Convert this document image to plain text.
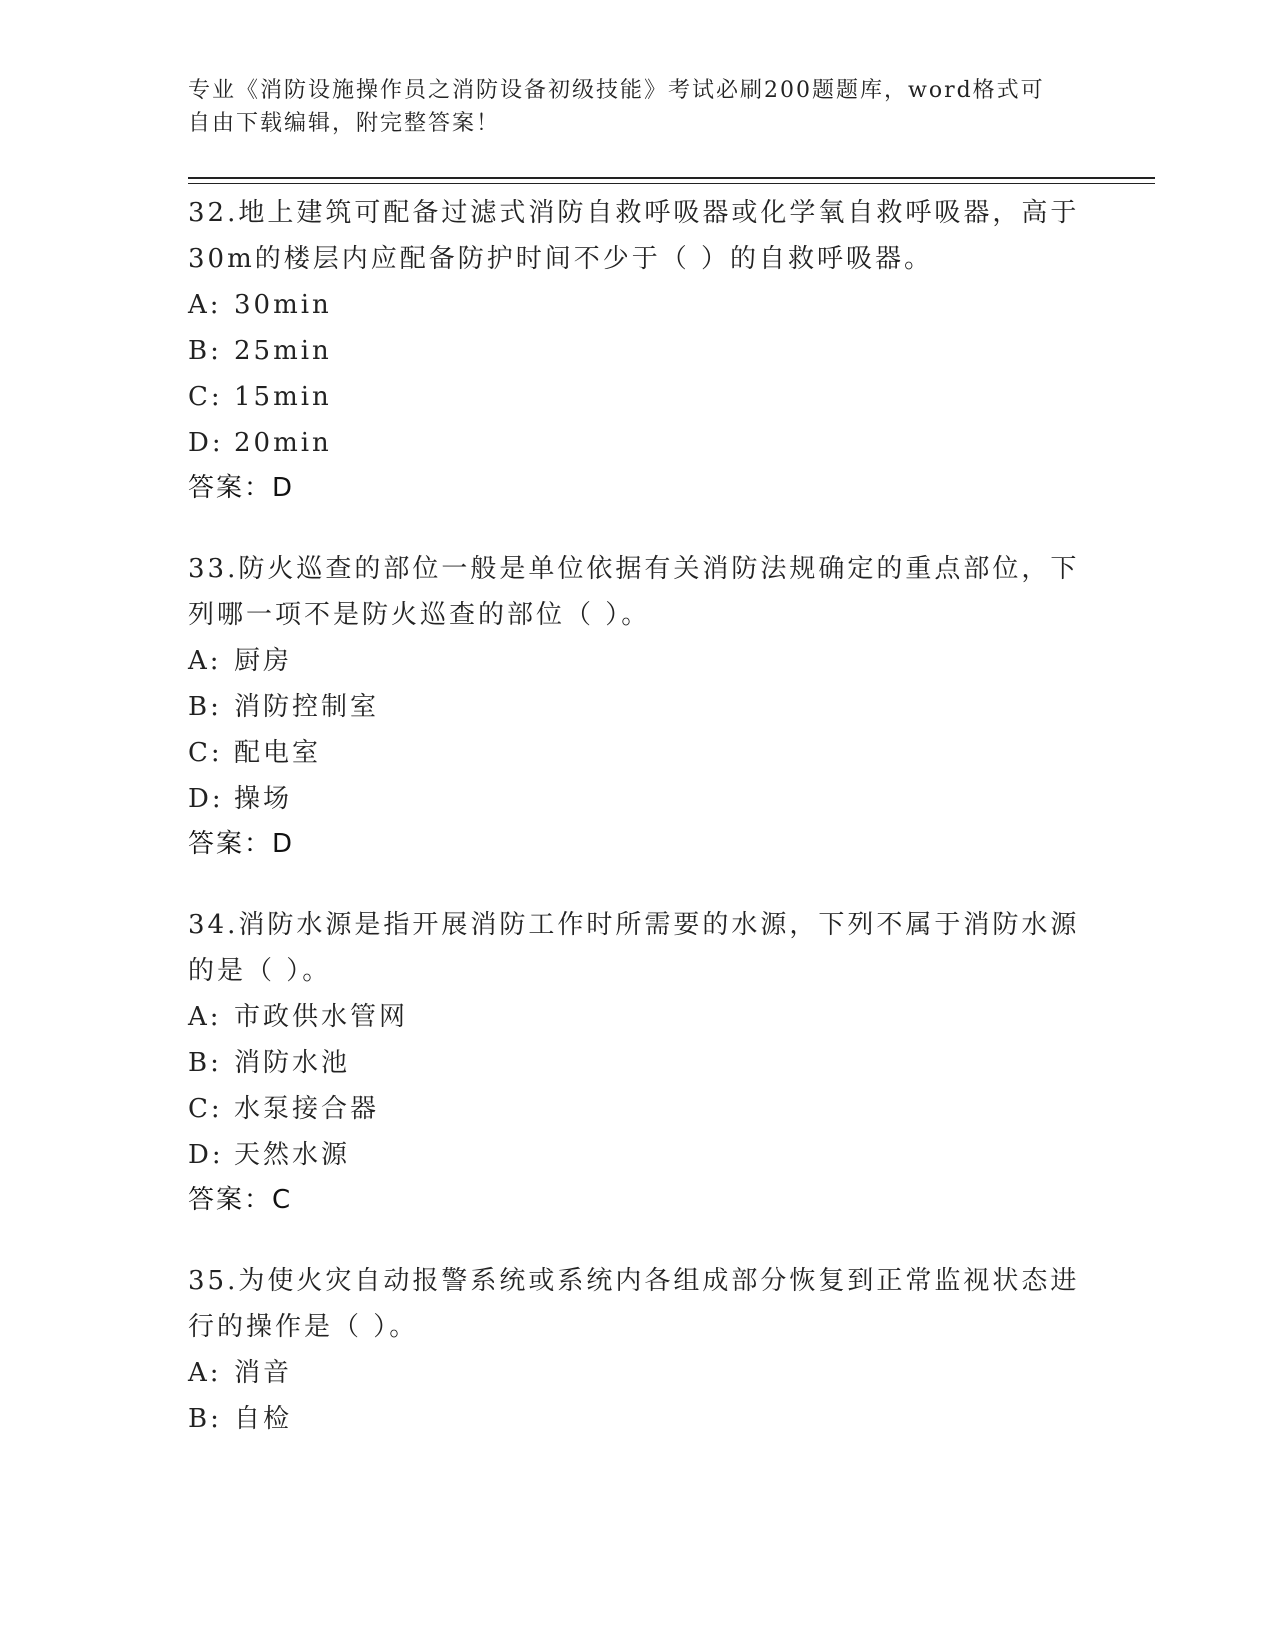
专业《消防设施操作员之消防设备初级技能》考试必刷200题题库，word格式可
自由下载编辑，附完整答案！

32.地上建筑可配备过滤式消防自救呼吸器或化学氧自救呼吸器，高于

30m的楼层内应配备防护时间不少于（ ）的自救呼吸器。

A: 30min

B: 25min

C: 15min

D: 20min

答案：D

33.防火巡查的部位一般是单位依据有关消防法规确定的重点部位，下

列哪一项不是防火巡查的部位（ ）。

A: 厨房

B: 消防控制室

C: 配电室

D: 操场

答案：D

34.消防水源是指开展消防工作时所需要的水源，下列不属于消防水源

的是（ ）。

A: 市政供水管网

B: 消防水池

C: 水泵接合器

D: 天然水源

答案：C

35.为使火灾自动报警系统或系统内各组成部分恢复到正常监视状态进

行的操作是（ ）。

A: 消音

B: 自检
